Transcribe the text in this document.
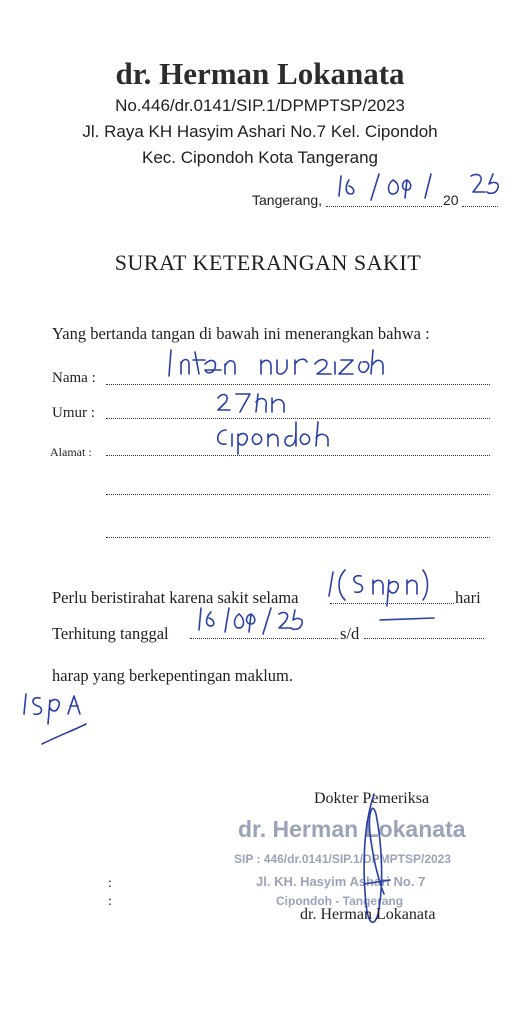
dr. Herman Lokanata
No.446/dr.0141/SIP.1/DPMPTSP/2023
Jl. Raya KH Hasyim Ashari No.7 Kel. Cipondoh
Kec. Cipondoh Kota Tangerang
Tangerang,	20
SURAT KETERANGAN SAKIT
Yang bertanda tangan di bawah ini menerangkan bahwa :
Nama :
Umur :
Alamat :
Perlu beristirahat karena sakit selama	hari
Terhitung tanggal	s/d
harap yang berkepentingan maklum.
Dokter Pemeriksa
dr. Herman Lokanata
SIP : 446/dr.0141/SIP.1/DPMPTSP/2023
Jl. KH. Hasyim Ashari No. 7
Cipondoh - Tangerang
dr. Herman Lokanata
:
:
